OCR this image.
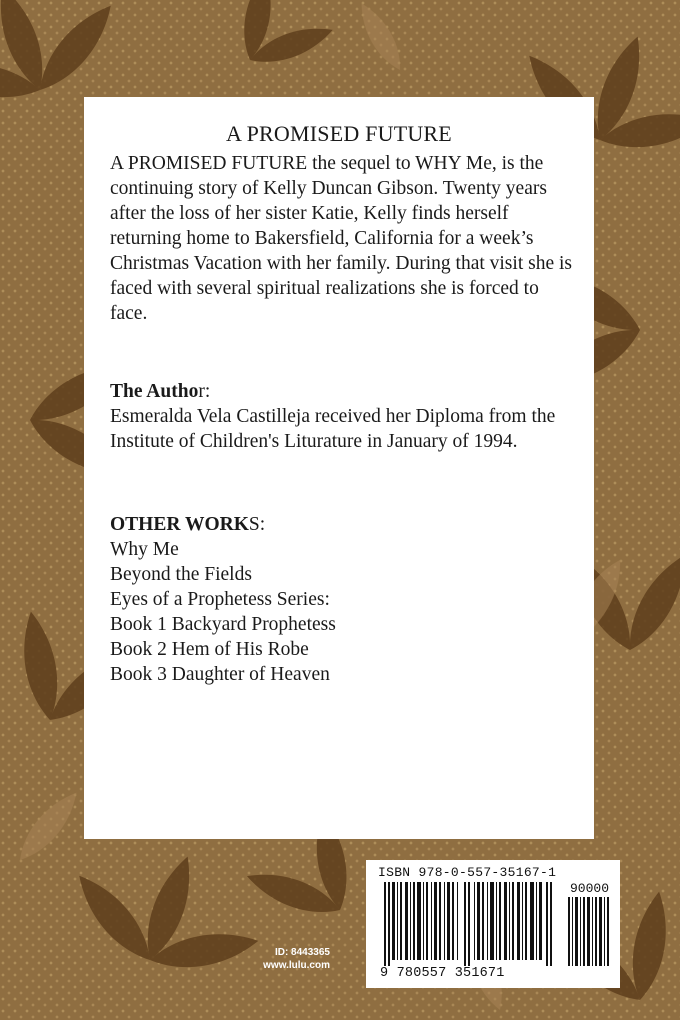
A PROMISED FUTURE
A PROMISED FUTURE the sequel to WHY Me, is the continuing story of Kelly Duncan Gibson. Twenty years after the loss of her sister Katie, Kelly finds herself returning home to Bakersfield, California for a week’s Christmas Vacation with her family. During that visit she is faced with several spiritual realizations she is forced to face.
The Author:
Esmeralda Vela Castilleja received her Diploma from the Institute of Children's Liturature in January of 1994.
OTHER WORKS:
Why Me
Beyond the Fields
Eyes of a Prophetess Series:
Book 1 Backyard Prophetess
Book 2 Hem of His Robe
Book 3 Daughter of Heaven
ID: 8443365
www.lulu.com
ISBN 978-0-557-35167-1
90000
9 780557 351671
